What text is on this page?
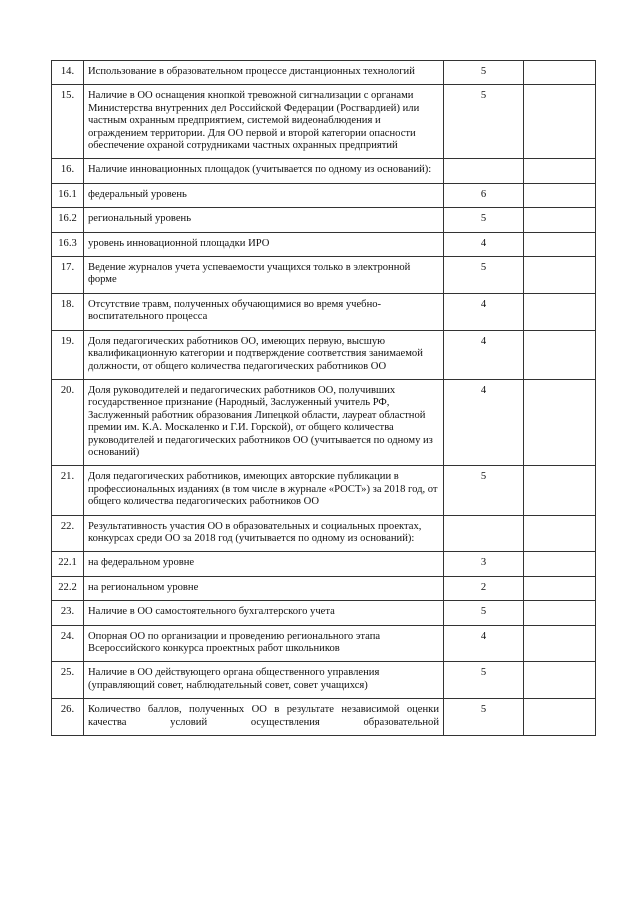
14.	Использование в образовательном процессе дистанционных технологий	5	
15.	Наличие в ОО оснащения кнопкой тревожной сигнализации с органами Министерства внутренних дел Российской Федерации (Росгвардией) или частным охранным предприятием, системой видеонаблюдения и ограждением территории. Для ОО первой и второй категории опасности обеспечение охраной сотрудниками частных охранных предприятий	5	
16.	Наличие инновационных площадок (учитывается по одному из оснований):		
16.1	федеральный уровень	6	
16.2	региональный уровень	5	
16.3	уровень инновационной площадки ИРО	4	
17.	Ведение журналов учета успеваемости учащихся только в электронной форме	5	
18.	Отсутствие травм, полученных обучающимися во время учебно-воспитательного процесса	4	
19.	Доля педагогических работников ОО, имеющих первую, высшую квалификационную категории и подтверждение соответствия занимаемой должности, от общего количества педагогических работников ОО	4	
20.	Доля руководителей и педагогических работников ОО, получивших государственное признание (Народный, Заслуженный учитель РФ, Заслуженный работник образования Липецкой области, лауреат областной премии им. К.А. Москаленко и Г.И. Горской), от общего количества руководителей и педагогических работников ОО (учитывается по одному из оснований)	4	
21.	Доля педагогических работников, имеющих авторские публикации в профессиональных изданиях (в том числе в журнале «РОСТ») за 2018 год, от общего количества педагогических работников ОО	5	
22.	Результативность участия ОО в образовательных и социальных проектах, конкурсах среди ОО за 2018 год (учитывается по одному из оснований):		
22.1	на федеральном уровне	3	
22.2	на региональном уровне	2	
23.	Наличие в ОО самостоятельного бухгалтерского учета	5	
24.	Опорная ОО по организации и проведению регионального этапа Всероссийского конкурса проектных работ школьников	4	
25.	Наличие в ОО действующего органа общественного управления (управляющий совет, наблюдательный совет, совет учащихся)	5	
26.	Количество баллов, полученных ОО в результате независимой оценки качества условий осуществления образовательной	5	
